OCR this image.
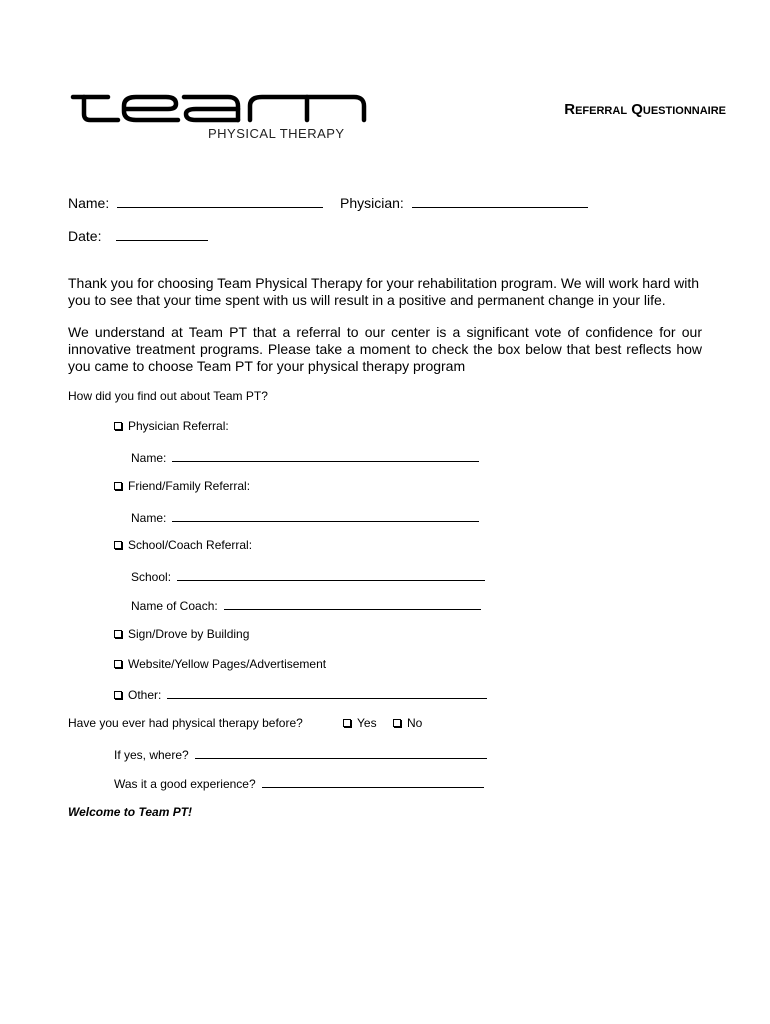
PHYSICAL THERAPY
Referral Questionnaire
Name:	Physician:
Date:
Thank you for choosing Team Physical Therapy for your rehabilitation program. We will work hard with you to see that your time spent with us will result in a positive and permanent change in your life.
We understand at Team PT that a referral to our center is a significant vote of confidence for our innovative treatment programs. Please take a moment to check the box below that best reflects how you came to choose Team PT for your physical therapy program
How did you find out about Team PT?
Physician Referral:
Name:
Friend/Family Referral:
Name:
School/Coach Referral:
School:
Name of Coach:
Sign/Drove by Building
Website/Yellow Pages/Advertisement
Other:
Have you ever had physical therapy before?	Yes	No
If yes, where?
Was it a good experience?
Welcome to Team PT!
